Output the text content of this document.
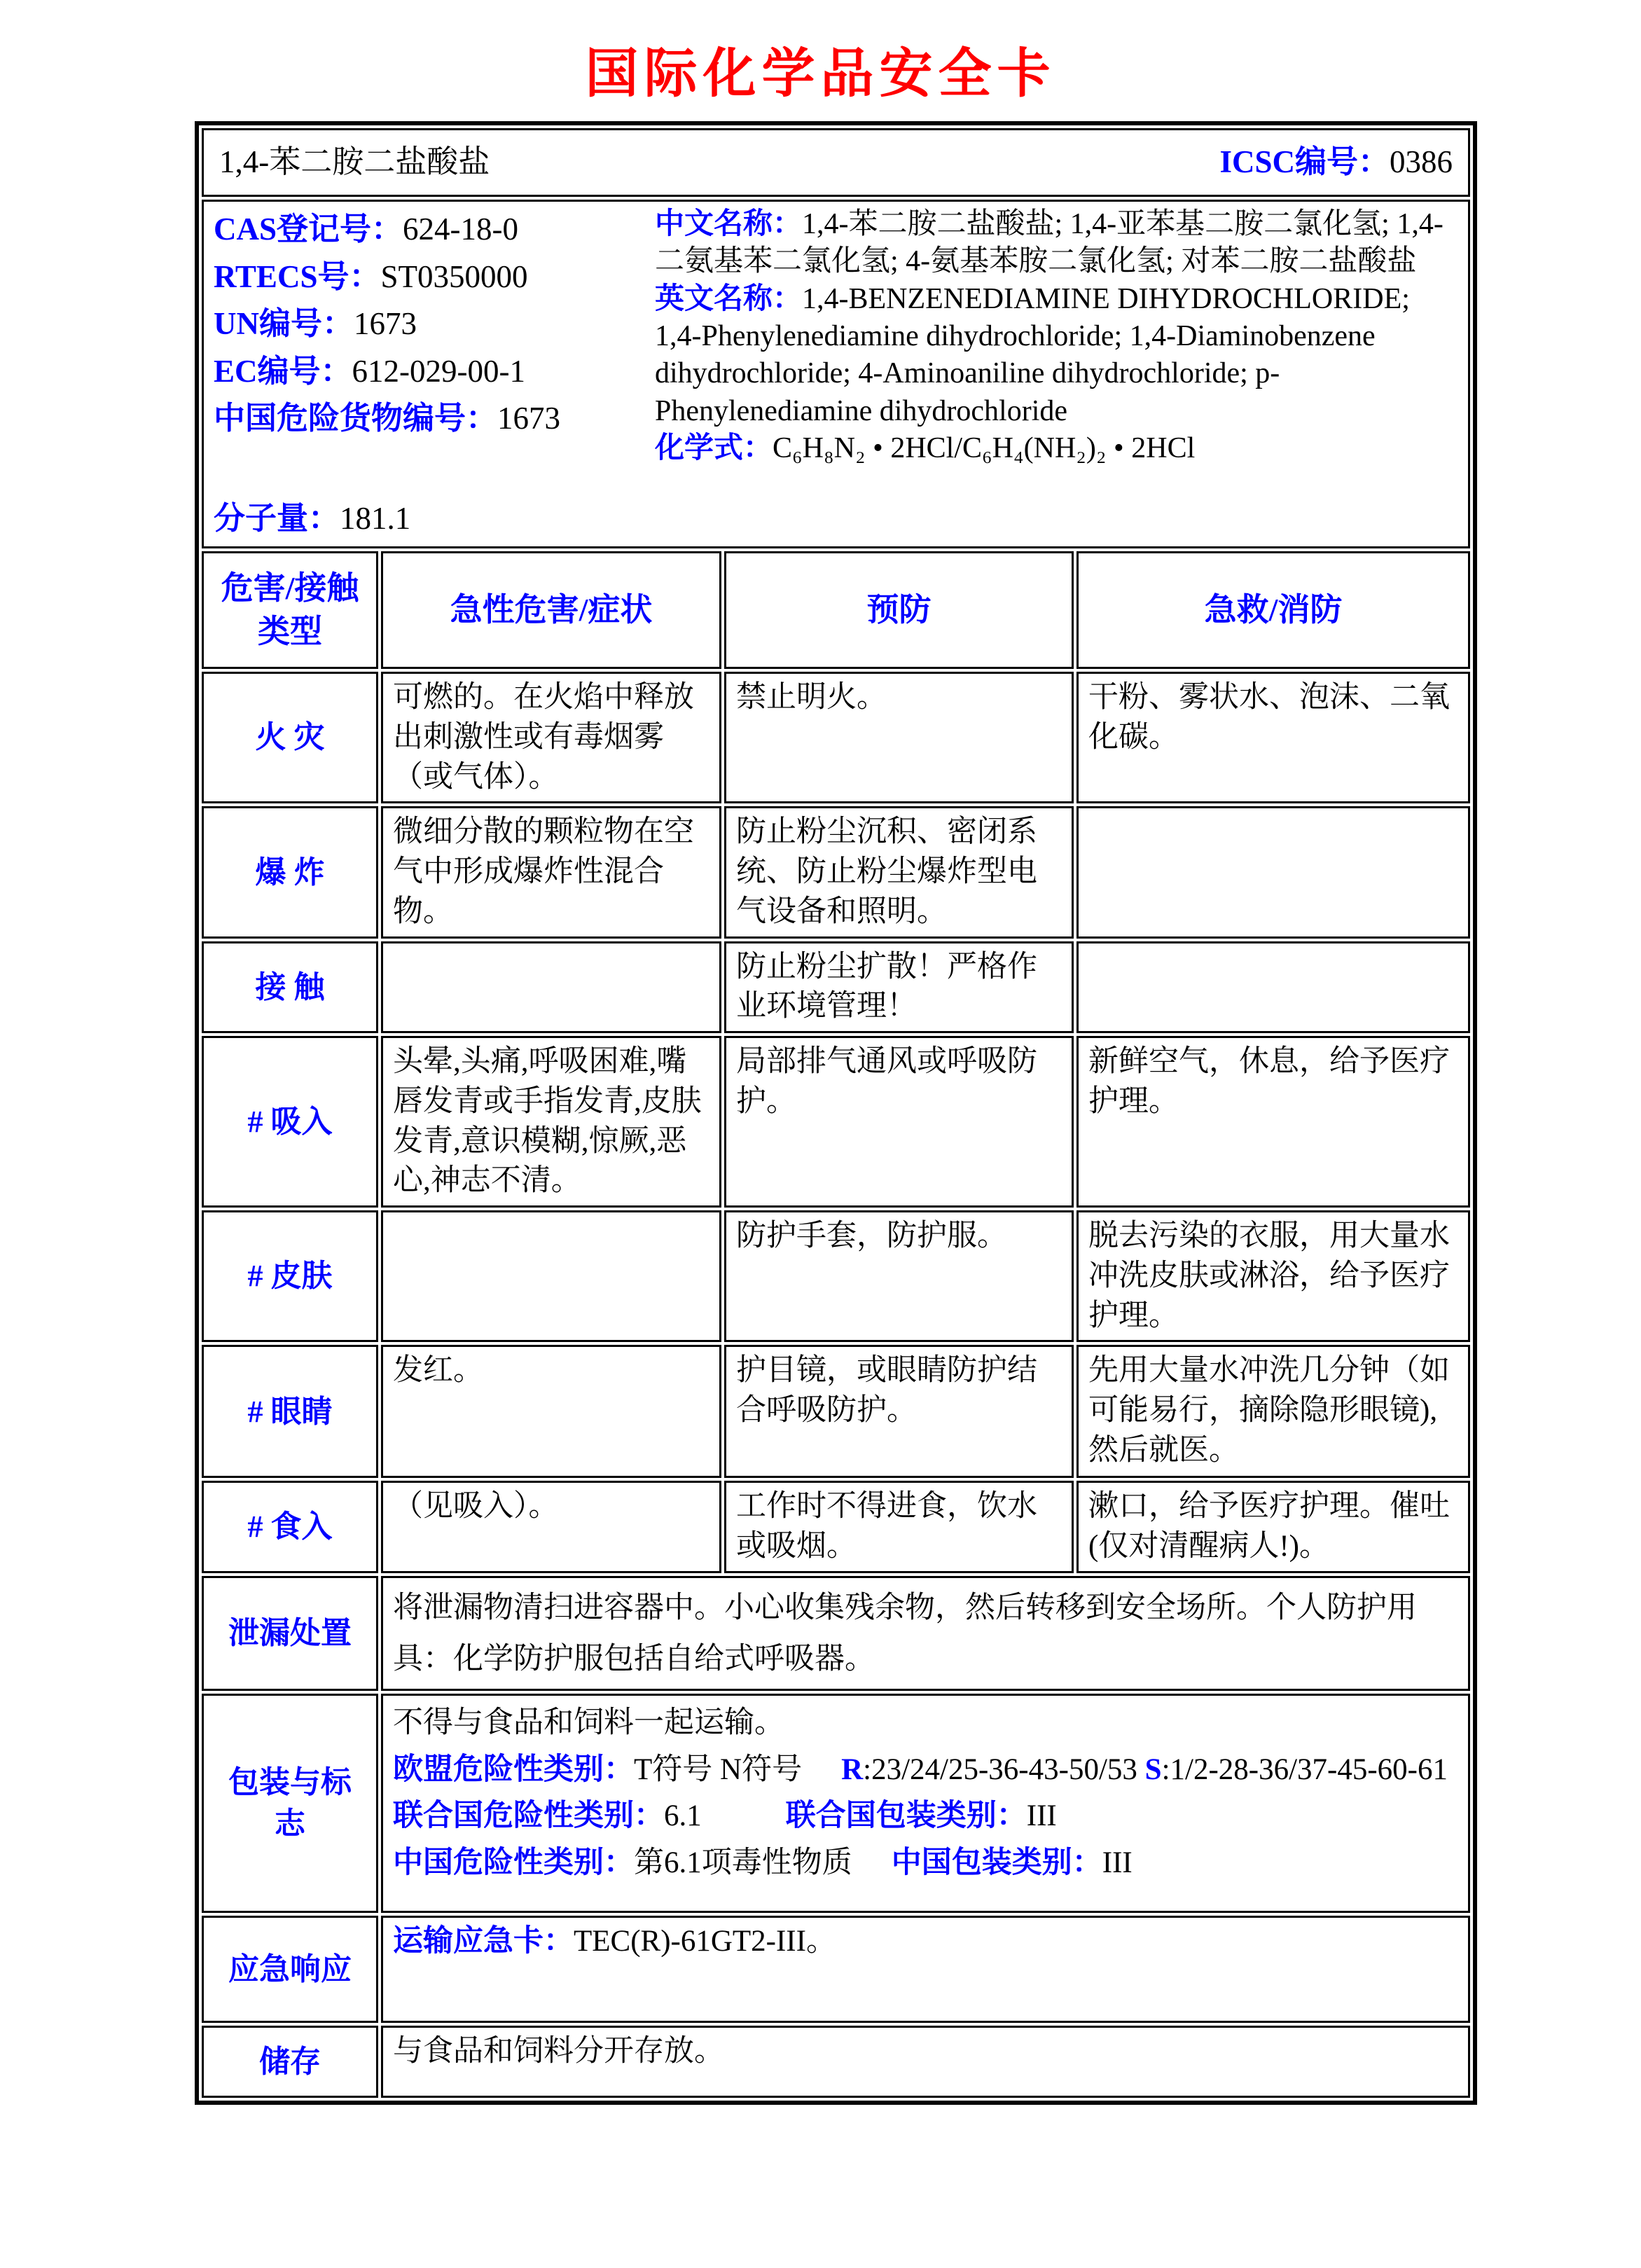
国际化学品安全卡
1,4-苯二胺二盐酸盐 ICSC编号：0386			

CAS登记号：624-18-0
RTECS号：ST0350000
UN编号：1673
EC编号：612-029-00-1
中国危险货物编号：1673
分子量：181.1
中文名称：1,4-苯二胺二盐酸盐; 1,4-亚苯基二胺二氯化氢; 1,4-二氨基苯二氯化氢; 4-氨基苯胺二氯化氢; 对苯二胺二盐酸盐
英文名称：1,4-BENZENEDIAMINE DIHYDROCHLORIDE; 1,4-Phenylenediamine dihydrochloride; 1,4-Diaminobenzene dihydrochloride; 4-Aminoaniline dihydrochloride; p-Phenylenediamine dihydrochloride
化学式：C₆H₈N₂ • 2HCl/C₆H₄(NH₂)₂ • 2HCl

危害/接触 类型	急性危害/症状	预防	急救/消防
火 灾	可燃的。在火焰中释放出刺激性或有毒烟雾（或气体）。	禁止明火。	干粉、雾状水、泡沫、二氧化碳。
爆 炸	微细分散的颗粒物在空气中形成爆炸性混合物。	防止粉尘沉积、密闭系统、防止粉尘爆炸型电气设备和照明。	
接 触		防止粉尘扩散！严格作业环境管理！	
# 吸入	头晕,头痛,呼吸困难,嘴唇发青或手指发青,皮肤发青,意识模糊,惊厥,恶心,神志不清。	局部排气通风或呼吸防护。	新鲜空气，休息，给予医疗护理。
# 皮肤		防护手套，防护服。	脱去污染的衣服，用大量水冲洗皮肤或淋浴，给予医疗护理。
# 眼睛	发红。	护目镜，或眼睛防护结合呼吸防护。	先用大量水冲洗几分钟（如可能易行，摘除隐形眼镜),然后就医。
# 食入	（见吸入）。	工作时不得进食，饮水或吸烟。	漱口，给予医疗护理。催吐(仅对清醒病人!)。
泄漏处置	将泄漏物清扫进容器中。小心收集残余物，然后转移到安全场所。个人防护用具：化学防护服包括自给式呼吸器。		

包装与标志	不得与食品和饲料一起运输。
欧盟危险性类别：T符号 N符号 R:23/24/25-36-43-50/53 S:1/2-28-36/37-45-60-61
联合国危险性类别：6.1 联合国包装类别：III
中国危险性类别：第6.1项毒性物质 中国包装类别：III		

应急响应	运输应急卡：TEC(R)-61GT2-III。		
储存	与食品和饲料分开存放。		
